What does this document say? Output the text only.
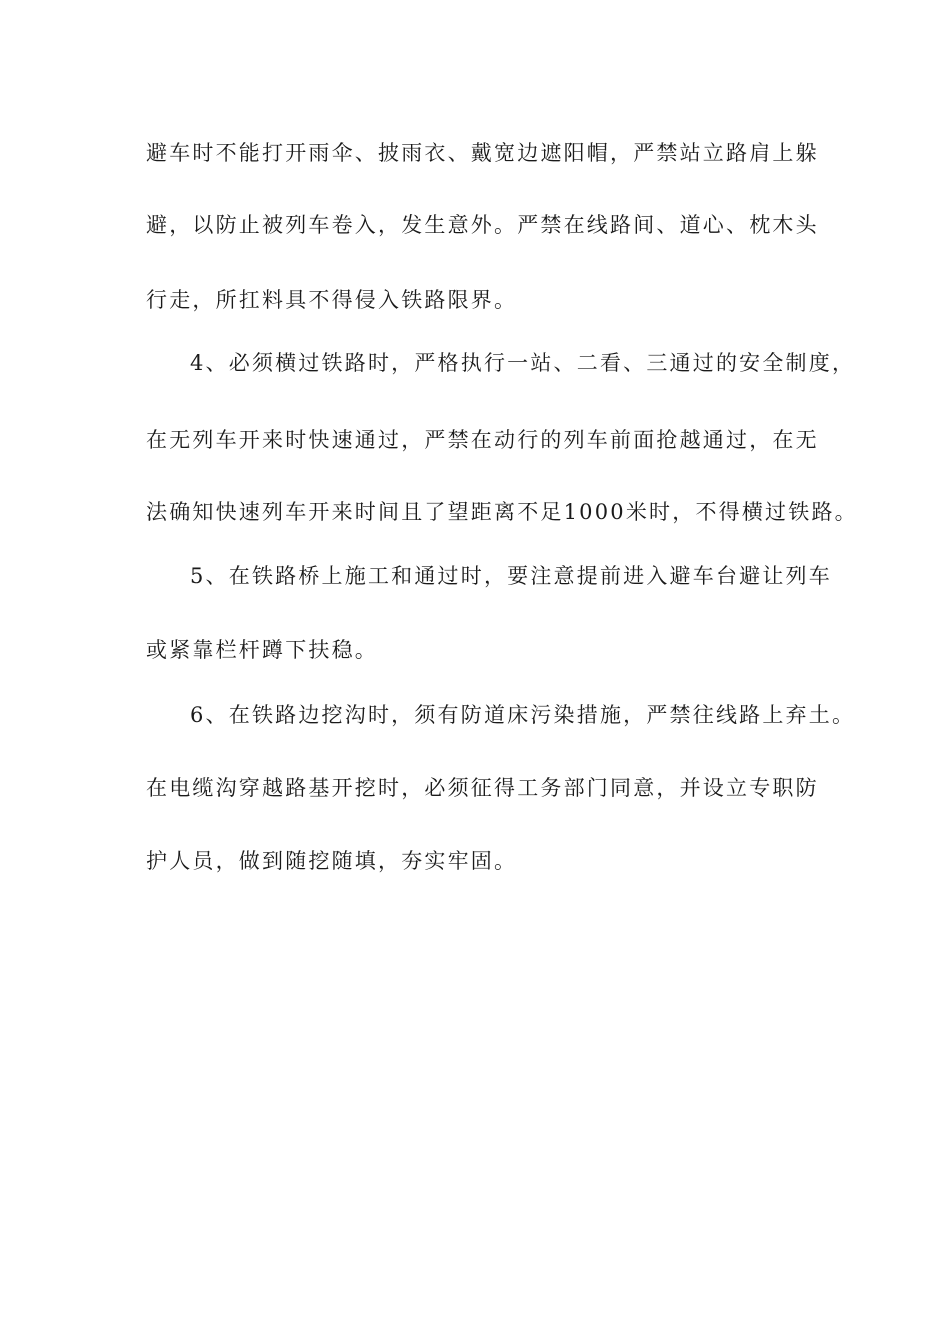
避车时不能打开雨伞、披雨衣、戴宽边遮阳帽，严禁站立路肩上躲
避，以防止被列车卷入，发生意外。严禁在线路间、道心、枕木头
行走，所扛料具不得侵入铁路限界。
4、必须横过铁路时，严格执行一站、二看、三通过的安全制度，
在无列车开来时快速通过，严禁在动行的列车前面抢越通过，在无
法确知快速列车开来时间且了望距离不足1000米时，不得横过铁路。
5、在铁路桥上施工和通过时，要注意提前进入避车台避让列车
或紧靠栏杆蹲下扶稳。
6、在铁路边挖沟时，须有防道床污染措施，严禁往线路上弃土。
在电缆沟穿越路基开挖时，必须征得工务部门同意，并设立专职防
护人员，做到随挖随填，夯实牢固。
